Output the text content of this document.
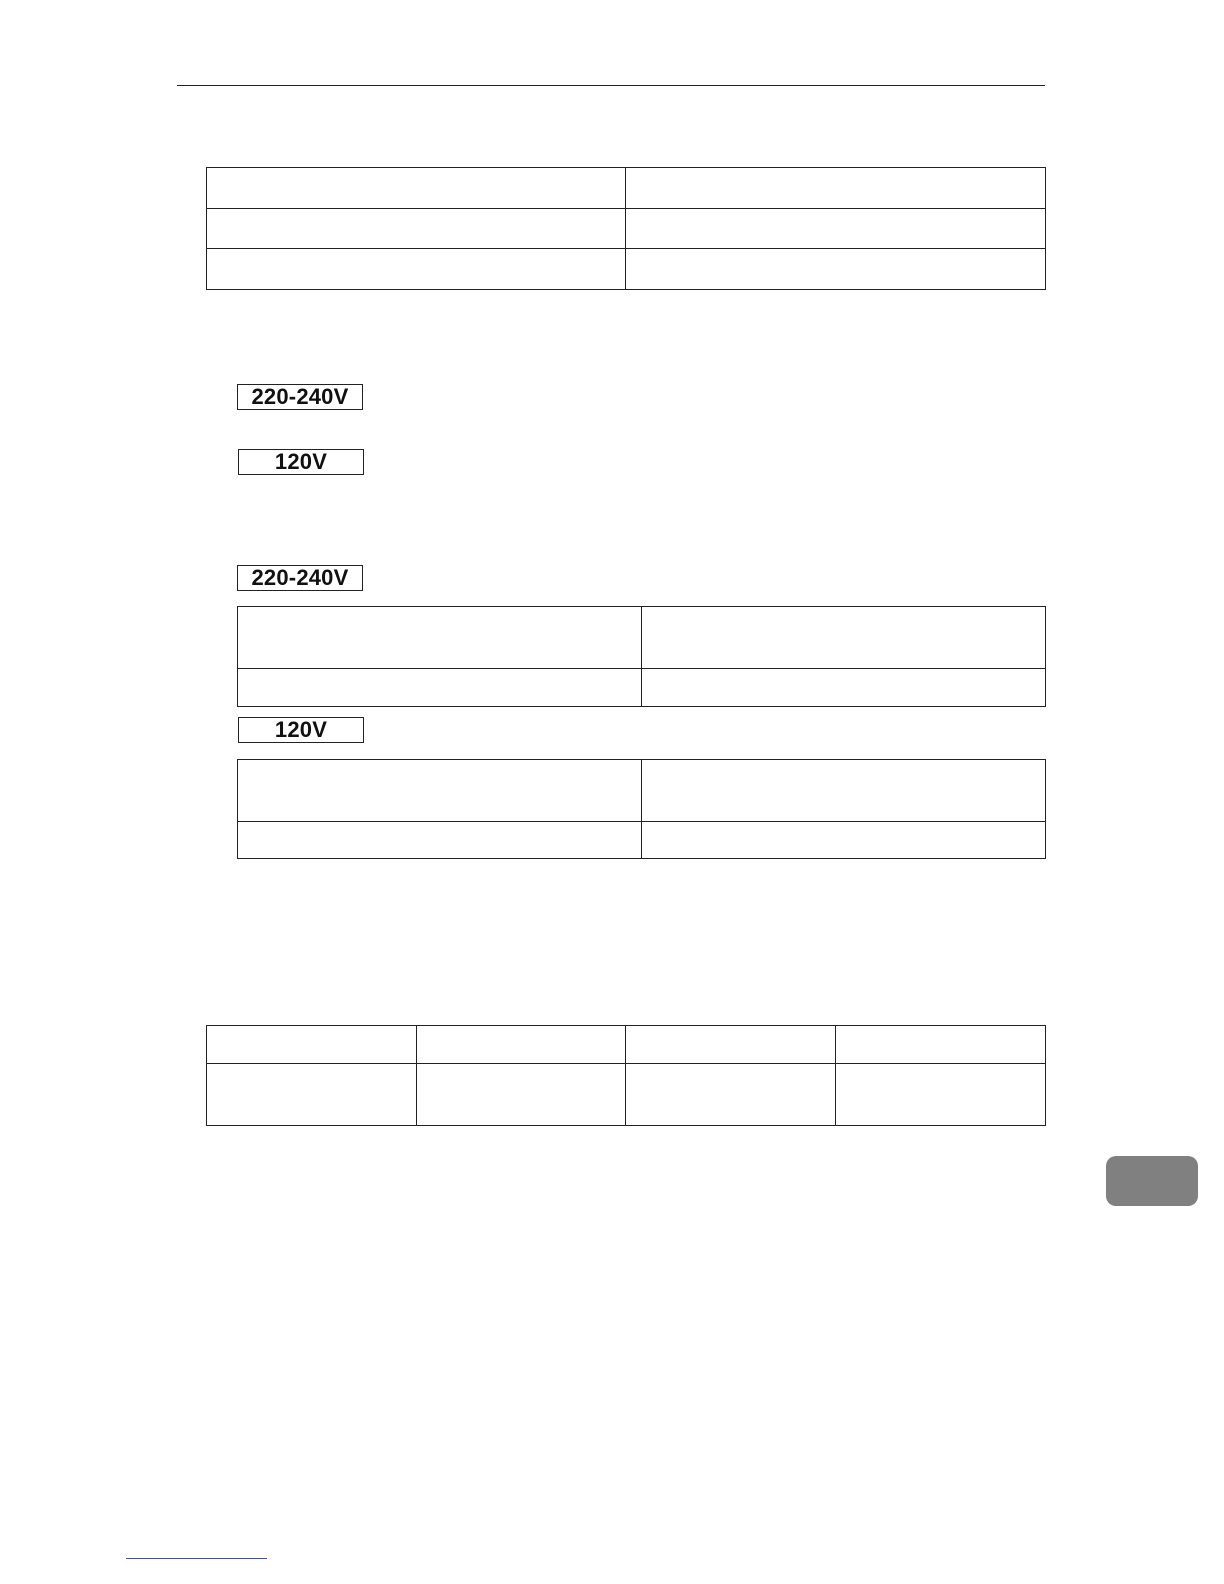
220-240V
120V
220-240V

120V
